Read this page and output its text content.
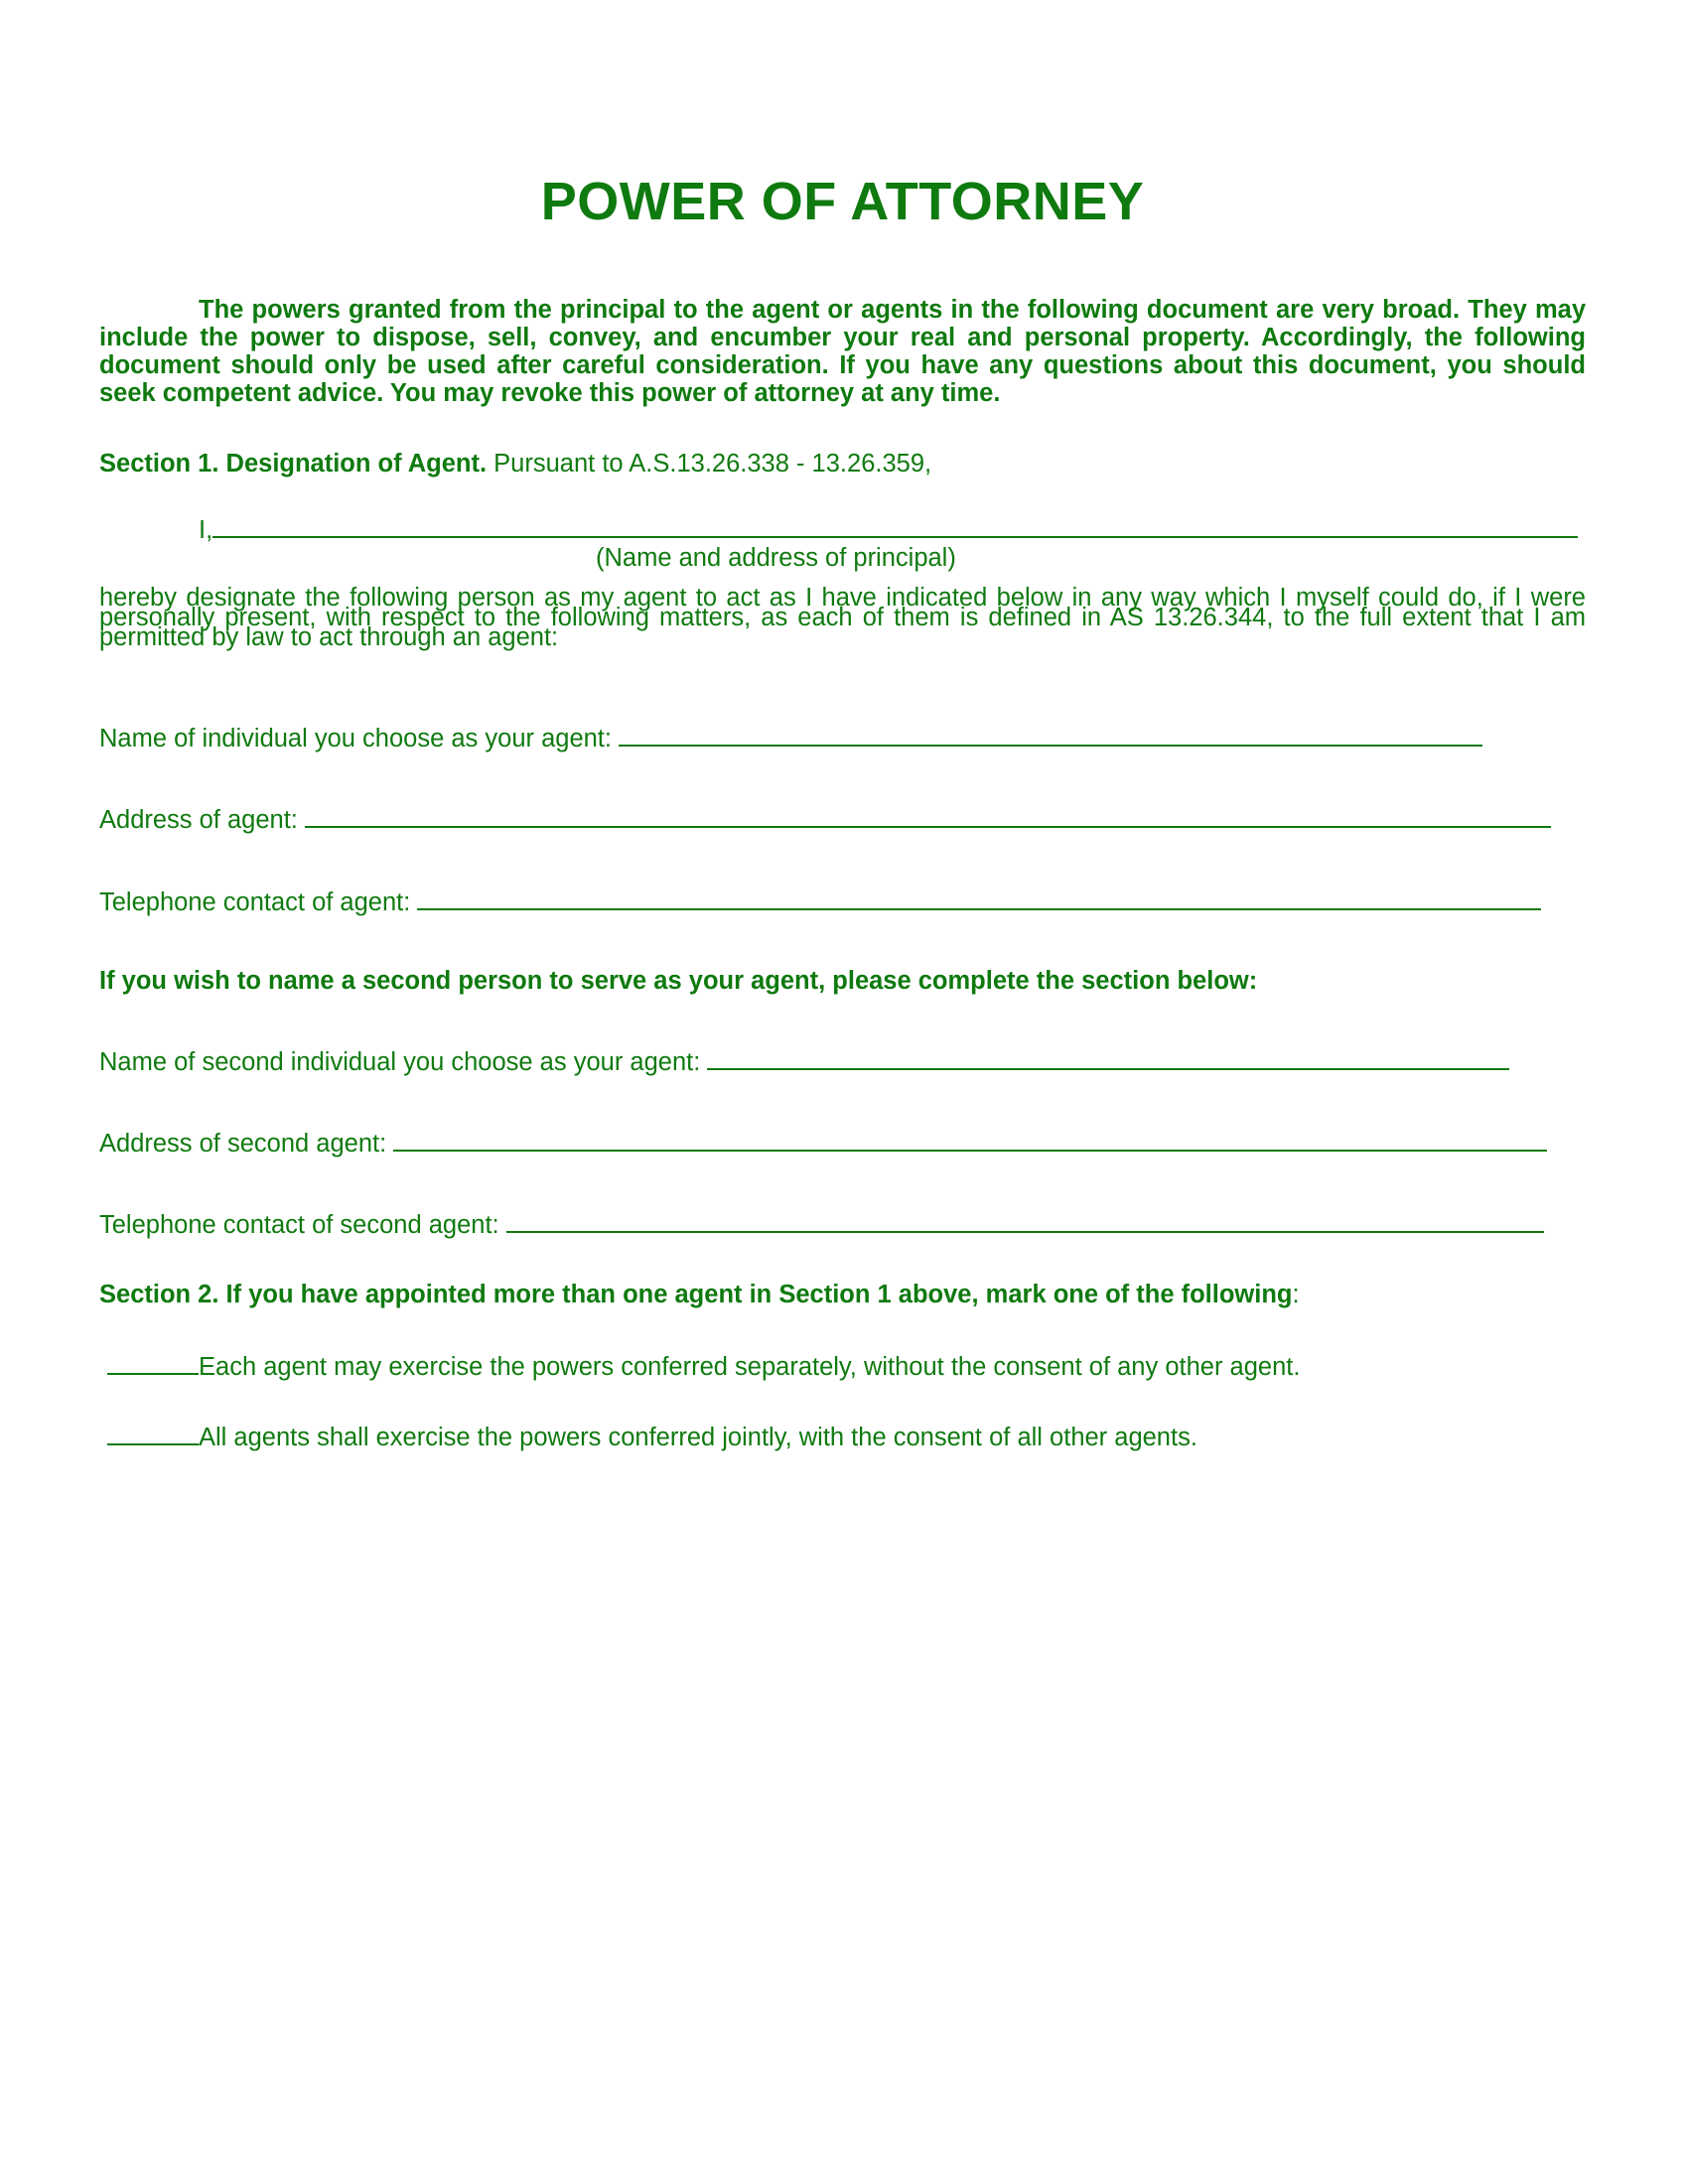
POWER OF ATTORNEY

The powers granted from the principal to the agent or agents in the following document are very broad. They may include the power to dispose, sell, convey, and encumber your real and personal property. Accordingly, the following document should only be used after careful consideration. If you have any questions about this document, you should seek competent advice. You may revoke this power of attorney at any time.

Section 1. Designation of Agent. Pursuant to A.S.13.26.338 - 13.26.359,

I,
(Name and address of principal)

hereby designate the following person as my agent to act as I have indicated below in any way which I myself could do, if I were personally present, with respect to the following matters, as each of them is defined in AS 13.26.344, to the full extent that I am permitted by law to act through an agent:

Name of individual you choose as your agent:
Address of agent:
Telephone contact of agent:
If you wish to name a second person to serve as your agent, please complete the section below:
Name of second individual you choose as your agent:
Address of second agent:
Telephone contact of second agent:
Section 2. If you have appointed more than one agent in Section 1 above, mark one of the following:
Each agent may exercise the powers conferred separately, without the consent of any other agent.
All agents shall exercise the powers conferred jointly, with the consent of all other agents.
